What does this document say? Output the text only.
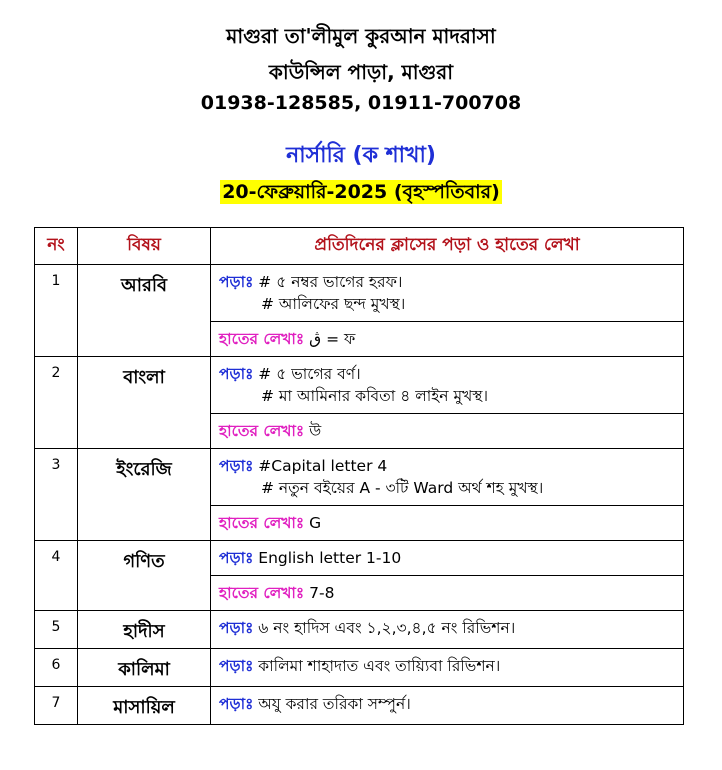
মাগুরা তা'লীমুল কুরআন মাদরাসা
কাউন্সিল পাড়া, মাগুরা
01938-128585, 01911-700708
নার্সারি (ক শাখা)
20-ফেব্রুয়ারি-2025 (বৃহস্পতিবার)
নং	বিষয়	প্রতিদিনের ক্লাসের পড়া ও হাতের লেখা
1	আরবি	পড়াঃ # ৫ নম্বর ভাগের হরফ।
# আলিফের ছন্দ মুখস্থ।

		হাতের লেখাঃ ڨ = ফ
2	বাংলা	পড়াঃ # ৫ ভাগের বর্ণ।
# মা আমিনার কবিতা ৪ লাইন মুখস্থ।

		হাতের লেখাঃ উ
3	ইংরেজি	পড়াঃ #Capital letter 4
# নতুন বইয়ের A - ৩টি Ward অর্থ শহ মুখস্থ।

		হাতের লেখাঃ G
4	গণিত	পড়াঃ English letter 1-10

		হাতের লেখাঃ 7-8
5	হাদীস	পড়াঃ ৬ নং হাদিস এবং ১,২,৩,৪,৫ নং রিভিশন।

6	কালিমা	পড়াঃ কালিমা শাহাদাত এবং তায়্যিবা রিভিশন।

7	মাসায়িল	পড়াঃ অযু করার তরিকা সম্পুর্ন।
